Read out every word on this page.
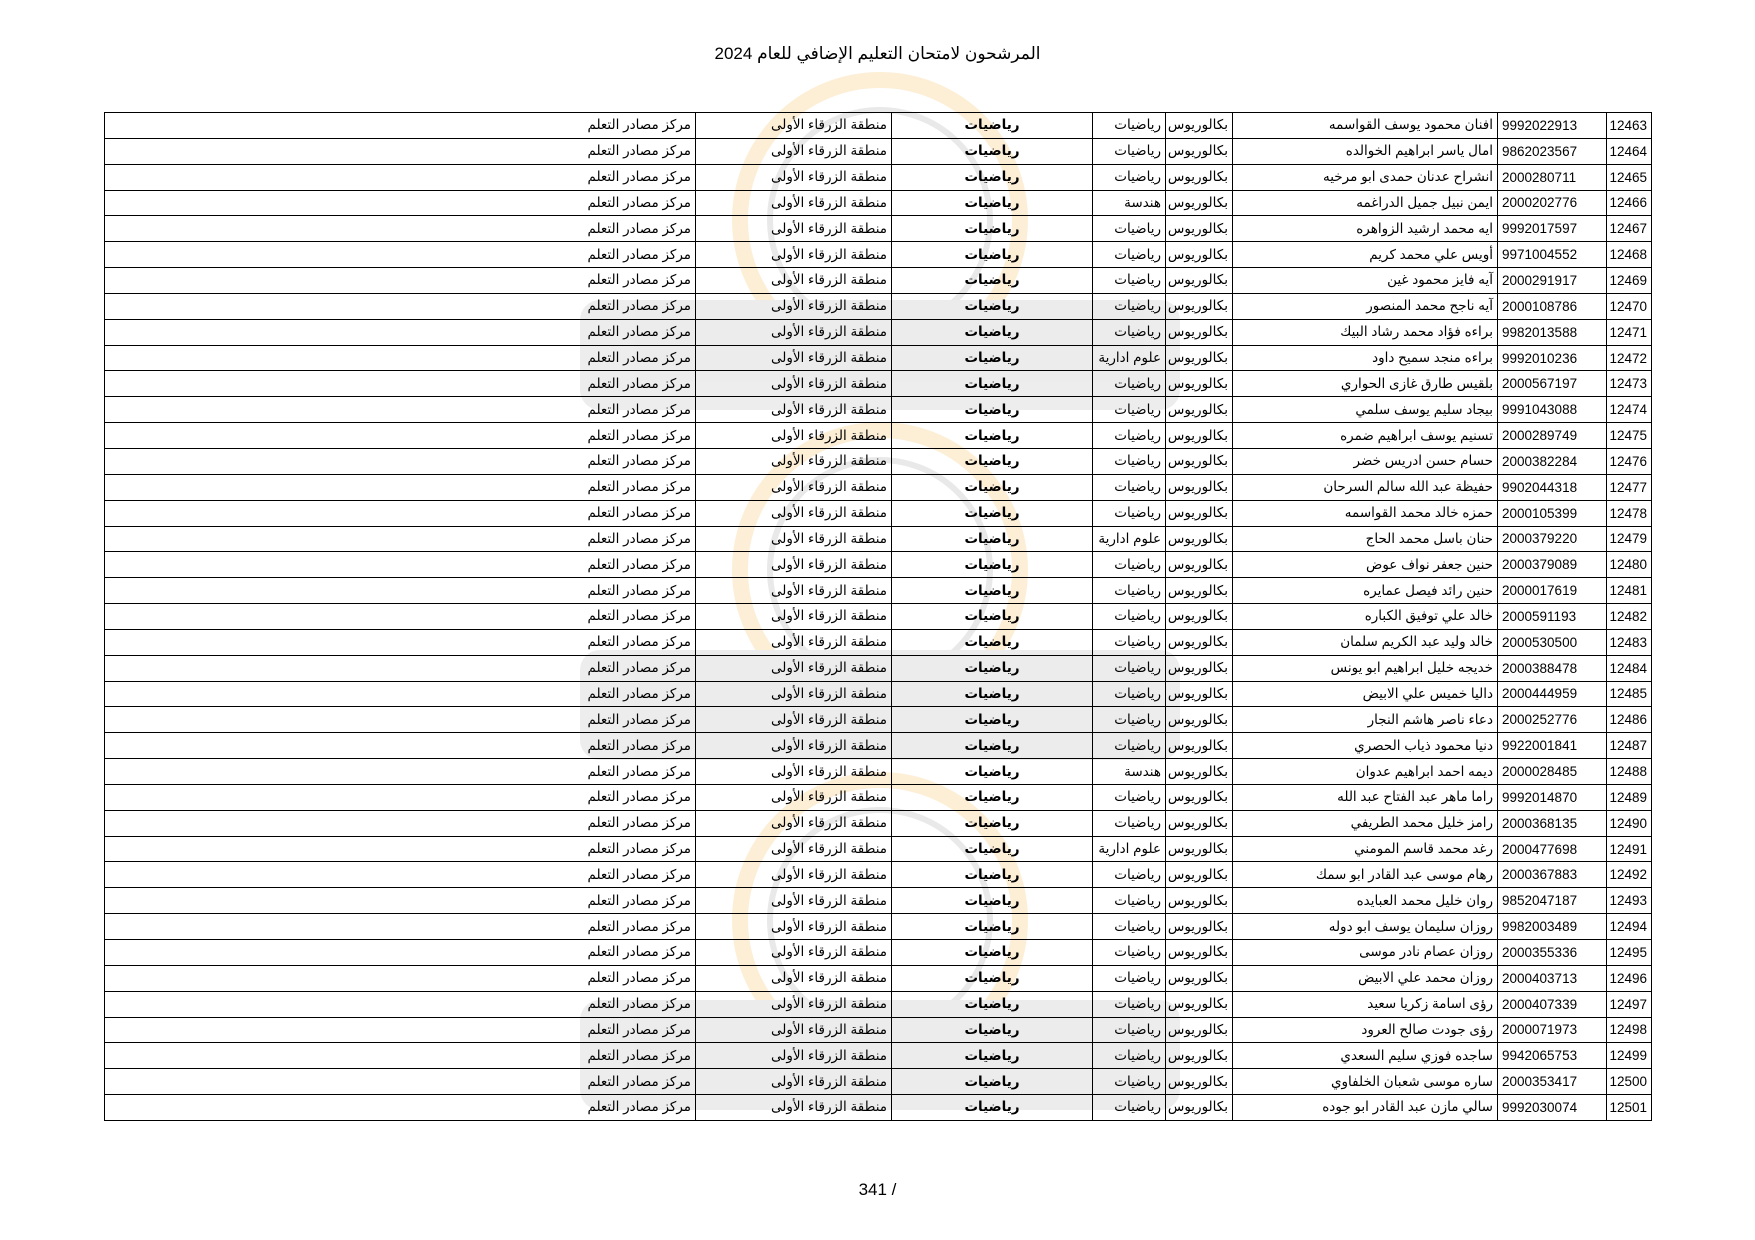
المرشحون لامتحان التعليم الإضافي للعام 2024
12463	9992022913	افنان محمود يوسف القواسمه	بكالوريوس	رياضيات	رياضيات	منطقة الزرقاء الأولى	مركز مصادر التعلم
12464	9862023567	امال ياسر ابراهيم الخوالده	بكالوريوس	رياضيات	رياضيات	منطقة الزرقاء الأولى	مركز مصادر التعلم
12465	2000280711	انشراح عدنان حمدى ابو مرخيه	بكالوريوس	رياضيات	رياضيات	منطقة الزرقاء الأولى	مركز مصادر التعلم
12466	2000202776	ايمن نبيل جميل الدراغمه	بكالوريوس	هندسة	رياضيات	منطقة الزرقاء الأولى	مركز مصادر التعلم
12467	9992017597	ايه محمد ارشيد الزواهره	بكالوريوس	رياضيات	رياضيات	منطقة الزرقاء الأولى	مركز مصادر التعلم
12468	9971004552	أويس علي محمد كريم	بكالوريوس	رياضيات	رياضيات	منطقة الزرقاء الأولى	مركز مصادر التعلم
12469	2000291917	آيه فايز محمود غين	بكالوريوس	رياضيات	رياضيات	منطقة الزرقاء الأولى	مركز مصادر التعلم
12470	2000108786	آيه ناجح محمد المنصور	بكالوريوس	رياضيات	رياضيات	منطقة الزرقاء الأولى	مركز مصادر التعلم
12471	9982013588	براءه فؤاد محمد رشاد البيك	بكالوريوس	رياضيات	رياضيات	منطقة الزرقاء الأولى	مركز مصادر التعلم
12472	9992010236	براءه منجد سميح داود	بكالوريوس	علوم ادارية	رياضيات	منطقة الزرقاء الأولى	مركز مصادر التعلم
12473	2000567197	بلقيس طارق غازى الحواري	بكالوريوس	رياضيات	رياضيات	منطقة الزرقاء الأولى	مركز مصادر التعلم
12474	9991043088	بيجاد سليم يوسف سلمي	بكالوريوس	رياضيات	رياضيات	منطقة الزرقاء الأولى	مركز مصادر التعلم
12475	2000289749	تسنيم يوسف ابراهيم ضمره	بكالوريوس	رياضيات	رياضيات	منطقة الزرقاء الأولى	مركز مصادر التعلم
12476	2000382284	حسام حسن ادريس خضر	بكالوريوس	رياضيات	رياضيات	منطقة الزرقاء الأولى	مركز مصادر التعلم
12477	9902044318	حفيظة عبد الله سالم السرحان	بكالوريوس	رياضيات	رياضيات	منطقة الزرقاء الأولى	مركز مصادر التعلم
12478	2000105399	حمزه خالد محمد القواسمه	بكالوريوس	رياضيات	رياضيات	منطقة الزرقاء الأولى	مركز مصادر التعلم
12479	2000379220	حنان باسل محمد الحاج	بكالوريوس	علوم ادارية	رياضيات	منطقة الزرقاء الأولى	مركز مصادر التعلم
12480	2000379089	حنين جعفر نواف عوض	بكالوريوس	رياضيات	رياضيات	منطقة الزرقاء الأولى	مركز مصادر التعلم
12481	2000017619	حنين رائد فيصل عمايره	بكالوريوس	رياضيات	رياضيات	منطقة الزرقاء الأولى	مركز مصادر التعلم
12482	2000591193	خالد علي توفيق الكباره	بكالوريوس	رياضيات	رياضيات	منطقة الزرقاء الأولى	مركز مصادر التعلم
12483	2000530500	خالد وليد عبد الكريم سلمان	بكالوريوس	رياضيات	رياضيات	منطقة الزرقاء الأولى	مركز مصادر التعلم
12484	2000388478	خديجه خليل ابراهيم ابو يونس	بكالوريوس	رياضيات	رياضيات	منطقة الزرقاء الأولى	مركز مصادر التعلم
12485	2000444959	داليا خميس علي الابيض	بكالوريوس	رياضيات	رياضيات	منطقة الزرقاء الأولى	مركز مصادر التعلم
12486	2000252776	دعاء ناصر هاشم النجار	بكالوريوس	رياضيات	رياضيات	منطقة الزرقاء الأولى	مركز مصادر التعلم
12487	9922001841	دنيا محمود ذياب الحصري	بكالوريوس	رياضيات	رياضيات	منطقة الزرقاء الأولى	مركز مصادر التعلم
12488	2000028485	ديمه احمد ابراهيم عدوان	بكالوريوس	هندسة	رياضيات	منطقة الزرقاء الأولى	مركز مصادر التعلم
12489	9992014870	راما ماهر عبد الفتاح عبد الله	بكالوريوس	رياضيات	رياضيات	منطقة الزرقاء الأولى	مركز مصادر التعلم
12490	2000368135	رامز خليل محمد الطريفي	بكالوريوس	رياضيات	رياضيات	منطقة الزرقاء الأولى	مركز مصادر التعلم
12491	2000477698	رغد محمد قاسم المومني	بكالوريوس	علوم ادارية	رياضيات	منطقة الزرقاء الأولى	مركز مصادر التعلم
12492	2000367883	رهام موسى عبد القادر ابو سمك	بكالوريوس	رياضيات	رياضيات	منطقة الزرقاء الأولى	مركز مصادر التعلم
12493	9852047187	روان خليل محمد العبايده	بكالوريوس	رياضيات	رياضيات	منطقة الزرقاء الأولى	مركز مصادر التعلم
12494	9982003489	روزان سليمان يوسف ابو دوله	بكالوريوس	رياضيات	رياضيات	منطقة الزرقاء الأولى	مركز مصادر التعلم
12495	2000355336	روزان عصام نادر موسى	بكالوريوس	رياضيات	رياضيات	منطقة الزرقاء الأولى	مركز مصادر التعلم
12496	2000403713	روزان محمد علي الابيض	بكالوريوس	رياضيات	رياضيات	منطقة الزرقاء الأولى	مركز مصادر التعلم
12497	2000407339	رؤى اسامة زكريا سعيد	بكالوريوس	رياضيات	رياضيات	منطقة الزرقاء الأولى	مركز مصادر التعلم
12498	2000071973	رؤى جودت صالح العرود	بكالوريوس	رياضيات	رياضيات	منطقة الزرقاء الأولى	مركز مصادر التعلم
12499	9942065753	ساجده فوزي سليم السعدي	بكالوريوس	رياضيات	رياضيات	منطقة الزرقاء الأولى	مركز مصادر التعلم
12500	2000353417	ساره موسى شعبان الخلفاوي	بكالوريوس	رياضيات	رياضيات	منطقة الزرقاء الأولى	مركز مصادر التعلم
12501	9992030074	سالي مازن عبد القادر ابو جوده	بكالوريوس	رياضيات	رياضيات	منطقة الزرقاء الأولى	مركز مصادر التعلم
341 /
